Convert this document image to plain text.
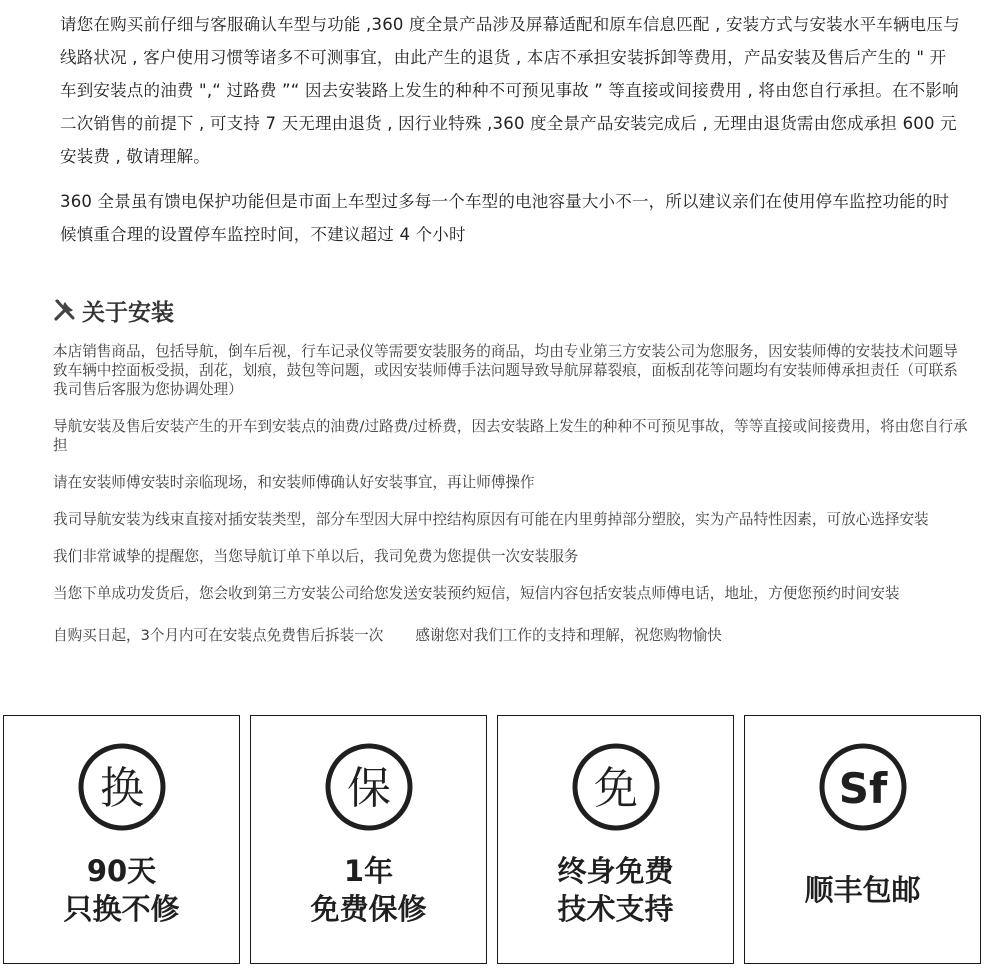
请您在购买前仔细与客服确认车型与功能 ,360 度全景产品涉及屏幕适配和原车信息匹配 , 安装方式与安装水平车辆电压与线路状况 , 客户使用习惯等诸多不可测事宜，由此产生的退货 , 本店不承担安装拆卸等费用，产品安装及售后产生的 " 开车到安装点的油费 ",“ 过路费 ”“ 因去安装路上发生的种种不可预见事故 ” 等直接或间接费用 , 将由您自行承担。在不影响二次销售的前提下 , 可支持 7 天无理由退货 , 因行业特殊 ,360 度全景产品安装完成后 , 无理由退货需由您成承担 600 元安装费 , 敬请理解。

360 全景虽有馈电保护功能但是市面上车型过多每一个车型的电池容量大小不一，所以建议亲们在使用停车监控功能的时候慎重合理的设置停车监控时间，不建议超过 4 个小时

关于安装

本店销售商品，包括导航，倒车后视，行车记录仪等需要安装服务的商品，均由专业第三方安装公司为您服务，因安装师傅的安装技术问题导致车辆中控面板受损，刮花，划痕，鼓包等问题，或因安装师傅手法问题导致导航屏幕裂痕，面板刮花等问题均有安装师傅承担责任（可联系我司售后客服为您协调处理）

导航安装及售后安装产生的开车到安装点的油费/过路费/过桥费，因去安装路上发生的种种不可预见事故，等等直接或间接费用，将由您自行承担

请在安装师傅安装时亲临现场，和安装师傅确认好安装事宜，再让师傅操作

我司导航安装为线束直接对插安装类型，部分车型因大屏中控结构原因有可能在内里剪掉部分塑胶，实为产品特性因素，可放心选择安装

我们非常诚挚的提醒您，当您导航订单下单以后，我司免费为您提供一次安装服务

当您下单成功发货后，您会收到第三方安装公司给您发送安装预约短信，短信内容包括安装点师傅电话，地址，方便您预约时间安装

自购买日起，3个月内可在安装点免费售后拆装一次 感谢您对我们工作的支持和理解，祝您购物愉快
换
90天
只换不修
保
1年
免费保修
免
终身免费
技术支持
Sf
顺丰包邮
